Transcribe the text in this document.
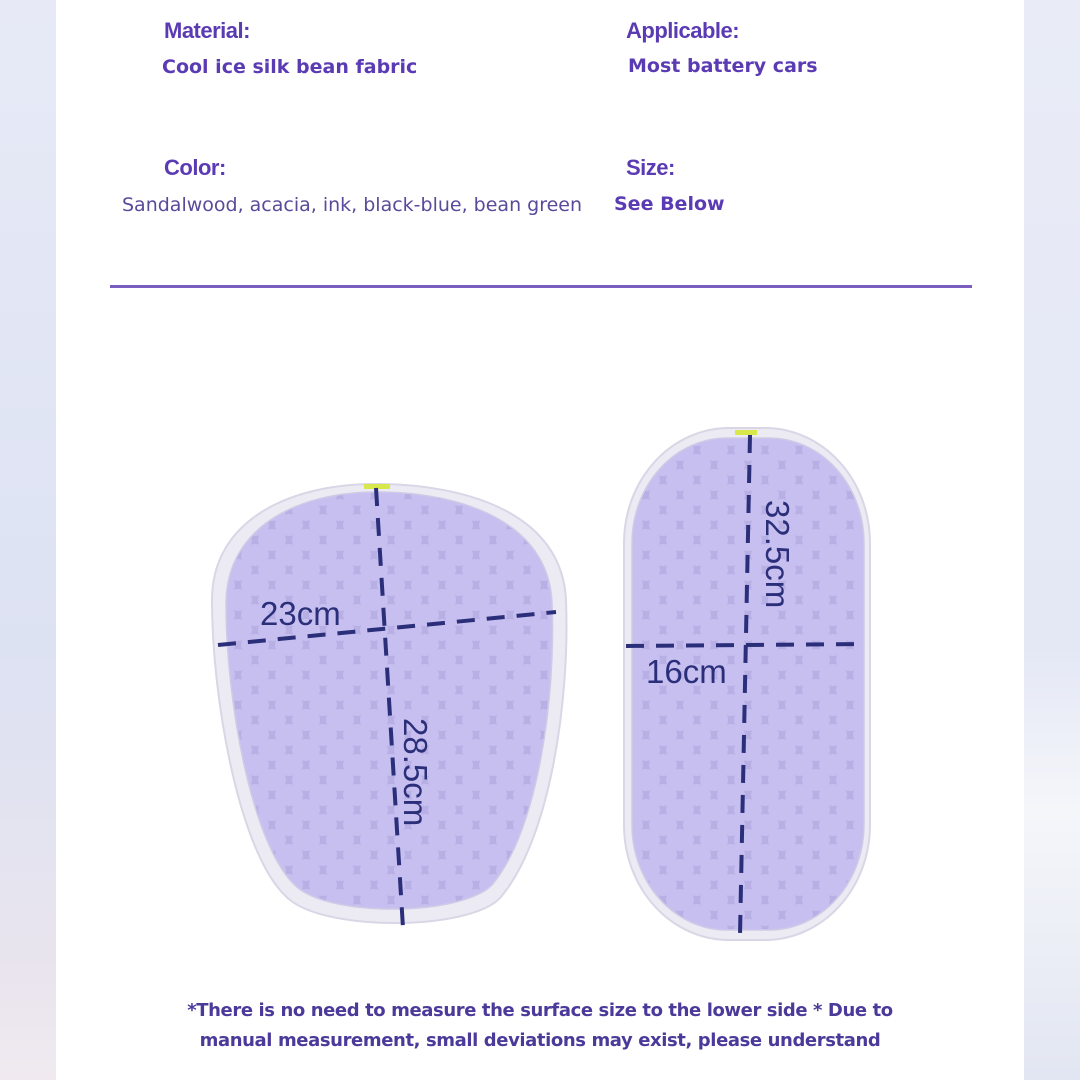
Material:
Cool ice silk bean fabric
Applicable:
Most battery cars
Color:
Sandalwood, acacia, ink, black-blue, bean green
Size:
See Below
23cm
28.5cm
16cm
32.5cm
*There is no need to measure the surface size to the lower side * Due to
manual measurement, small deviations may exist, please understand
